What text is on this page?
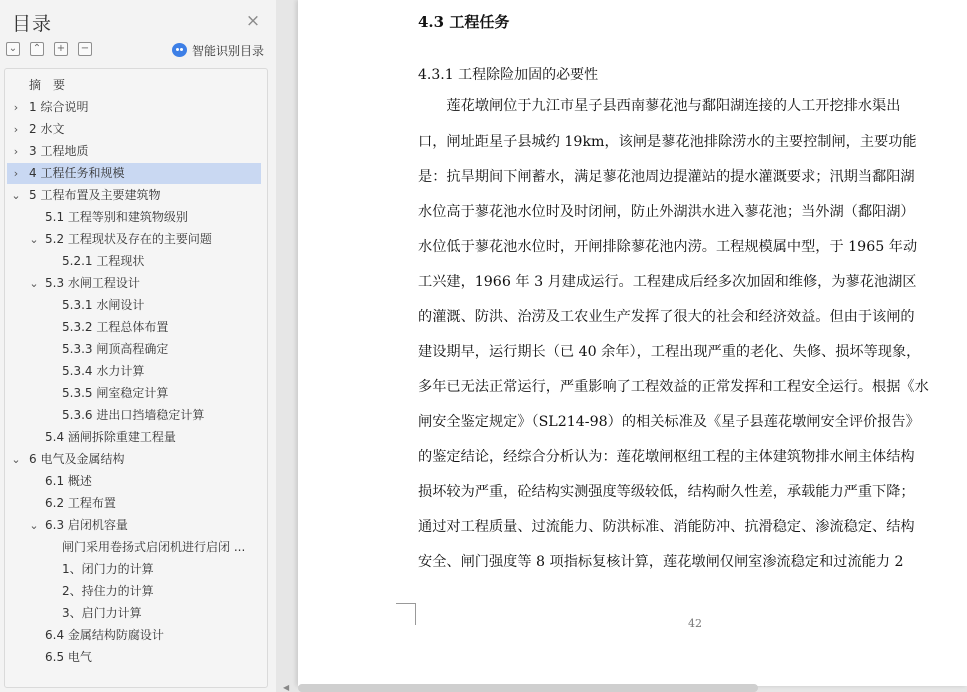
目录	×
⌄ ⌃ + −	智能识别目录
摘　要
› 1 综合说明
› 2 水文
› 3 工程地质
› 4 工程任务和规模
⌄ 5 工程布置及主要建筑物
5.1 工程等别和建筑物级别
⌄ 5.2 工程现状及存在的主要问题
5.2.1 工程现状
⌄ 5.3 水闸工程设计
5.3.1 水闸设计
5.3.2 工程总体布置
5.3.3 闸顶高程确定
5.3.4 水力计算
5.3.5 闸室稳定计算
5.3.6 进出口挡墙稳定计算
5.4 涵闸拆除重建工程量
⌄ 6 电气及金属结构
6.1 概述
6.2 工程布置
⌄ 6.3 启闭机容量
闸门采用卷扬式启闭机进行启闭 ...
1、闭门力的计算
2、持住力的计算
3、启门力计算
6.4 金属结构防腐设计
6.5 电气
4.3 工程任务
4.3.1 工程除险加固的必要性
　　莲花墩闸位于九江市星子县西南蓼花池与鄱阳湖连接的人工开挖排水渠出
口，闸址距星子县城约 19km，该闸是蓼花池排除涝水的主要控制闸，主要功能
是：抗旱期间下闸蓄水，满足蓼花池周边提灌站的提水灌溉要求；汛期当鄱阳湖
水位高于蓼花池水位时及时闭闸，防止外湖洪水进入蓼花池；当外湖（鄱阳湖）
水位低于蓼花池水位时，开闸排除蓼花池内涝。工程规模属中型，于 1965 年动
工兴建，1966 年 3 月建成运行。工程建成后经多次加固和维修，为蓼花池湖区
的灌溉、防洪、治涝及工农业生产发挥了很大的社会和经济效益。但由于该闸的
建设期早，运行期长（已 40 余年），工程出现严重的老化、失修、损坏等现象，
多年已无法正常运行，严重影响了工程效益的正常发挥和工程安全运行。根据《水
闸安全鉴定规定》（SL214-98）的相关标准及《星子县莲花墩闸安全评价报告》
的鉴定结论，经综合分析认为：莲花墩闸枢纽工程的主体建筑物排水闸主体结构
损坏较为严重，砼结构实测强度等级较低，结构耐久性差，承载能力严重下降；
通过对工程质量、过流能力、防洪标准、消能防冲、抗滑稳定、渗流稳定、结构
安全、闸门强度等 8 项指标复核计算，莲花墩闸仅闸室渗流稳定和过流能力 2
42
◀
